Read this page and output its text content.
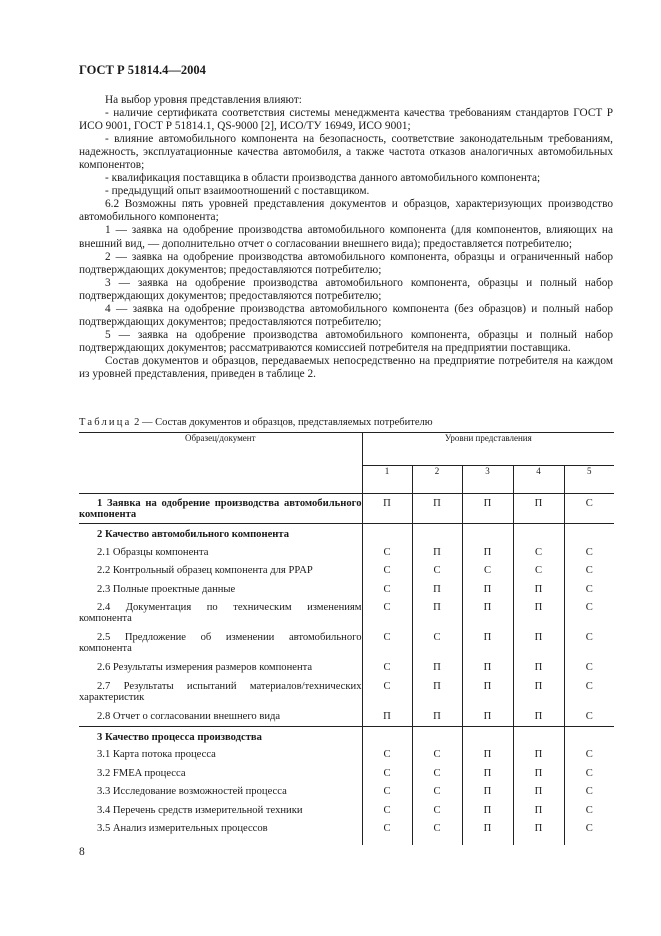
ГОСТ Р 51814.4—2004

На выбор уровня представления влияют:

- наличие сертификата соответствия системы менеджмента качества требованиям стандартов ГОСТ Р ИСО 9001, ГОСТ Р 51814.1, QS-9000 [2], ИСО/ТУ 16949, ИСО 9001;

- влияние автомобильного компонента на безопасность, соответствие законодательным требованиям, надежность, эксплуатационные качества автомобиля, а также частота отказов аналогичных автомобильных компонентов;

- квалификация поставщика в области производства данного автомобильного компонента;

- предыдущий опыт взаимоотношений с поставщиком.

6.2 Возможны пять уровней представления документов и образцов, характеризующих производство автомобильного компонента;

1 — заявка на одобрение производства автомобильного компонента (для компонентов, влияющих на внешний вид, — дополнительно отчет о согласовании внешнего вида); предоставляется потребителю;

2 — заявка на одобрение производства автомобильного компонента, образцы и ограниченный набор подтверждающих документов; предоставляются потребителю;

3 — заявка на одобрение производства автомобильного компонента, образцы и полный набор подтверждающих документов; предоставляются потребителю;

4 — заявка на одобрение производства автомобильного компонента (без образцов) и полный набор подтверждающих документов; предоставляются потребителю;

5 — заявка на одобрение производства автомобильного компонента, образцы и полный набор подтверждающих документов; рассматриваются комиссией потребителя на предприятии поставщика.

Состав документов и образцов, передаваемых непосредственно на предприятие потребителя на каждом из уровней представления, приведен в таблице 2.

Таблица 2 — Состав документов и образцов, представляемых потребителю
Образец/документ	Уровни представления				
	1	2	3	4	5

1 Заявка на одобрение производства автомобильного компонента	П	П	П	П	С

2 Качество автомобильного компонента					

2.1 Образцы компонента	С	П	П	С	С
2.2 Контрольный образец компонента для PPAP	С	С	С	С	С
2.3 Полные проектные данные	С	П	П	П	С

2.4 Документация по техническим изменениям компонента	С	П	П	П	С

2.5 Предложение об изменении автомобильного компонента	С	С	П	П	С
2.6 Результаты измерения размеров компонента	С	П	П	П	С

2.7 Результаты испытаний материалов/технических характеристик	С	П	П	П	С
2.8 Отчет о согласовании внешнего вида	П	П	П	П	С

3 Качество процесса производства					

3.1 Карта потока процесса	С	С	П	П	С
3.2 FMEA процесса	С	С	П	П	С
3.3 Исследование возможностей процесса	С	С	П	П	С
3.4 Перечень средств измерительной техники	С	С	П	П	С
3.5 Анализ измерительных процессов	С	С	П	П	С

8
